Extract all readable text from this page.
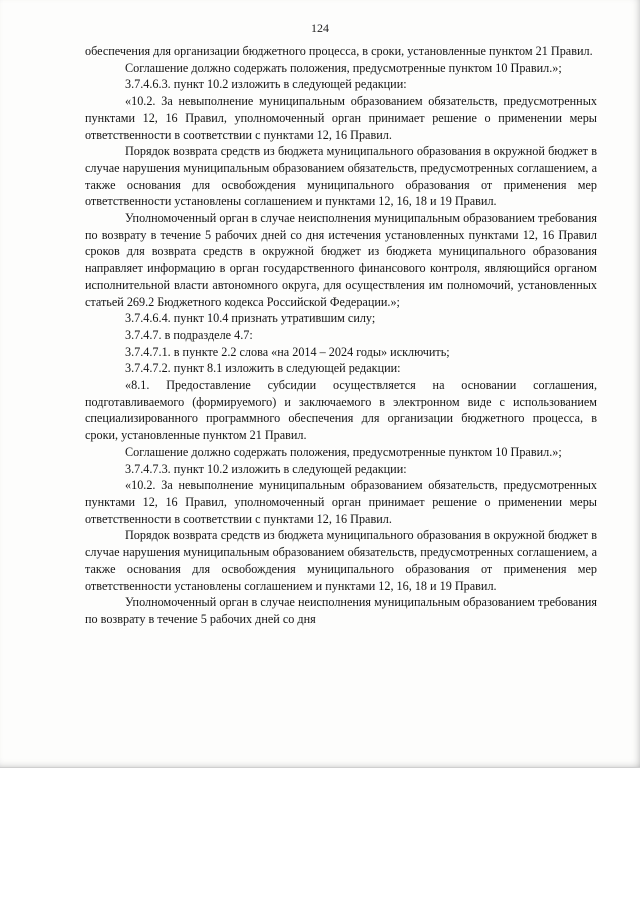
124

обеспечения для организации бюджетного процесса, в сроки, установленные пунктом 21 Правил.

Соглашение должно содержать положения, предусмотренные пунктом 10 Правил.»;

3.7.4.6.3. пункт 10.2 изложить в следующей редакции:

«10.2. За невыполнение муниципальным образованием обязательств, предусмотренных пунктами 12, 16 Правил, уполномоченный орган принимает решение о применении меры ответственности в соответствии с пунктами 12, 16 Правил.

Порядок возврата средств из бюджета муниципального образования в окружной бюджет в случае нарушения муниципальным образованием обязательств, предусмотренных соглашением, а также основания для освобождения муниципального образования от применения мер ответственности установлены соглашением и пунктами 12, 16, 18 и 19 Правил.

Уполномоченный орган в случае неисполнения муниципальным образованием требования по возврату в течение 5 рабочих дней со дня истечения установленных пунктами 12, 16 Правил сроков для возврата средств в окружной бюджет из бюджета муниципального образования направляет информацию в орган государственного финансового контроля, являющийся органом исполнительной власти автономного округа, для осуществления им полномочий, установленных статьей 269.2 Бюджетного кодекса Российской Федерации.»;

3.7.4.6.4. пункт 10.4 признать утратившим силу;

3.7.4.7. в подразделе 4.7:

3.7.4.7.1. в пункте 2.2 слова «на 2014 – 2024 годы» исключить;

3.7.4.7.2. пункт 8.1 изложить в следующей редакции:

«8.1. Предоставление субсидии осуществляется на основании соглашения, подготавливаемого (формируемого) и заключаемого в электронном виде с использованием специализированного программного обеспечения для организации бюджетного процесса, в сроки, установленные пунктом 21 Правил.

Соглашение должно содержать положения, предусмотренные пунктом 10 Правил.»;

3.7.4.7.3. пункт 10.2 изложить в следующей редакции:

«10.2. За невыполнение муниципальным образованием обязательств, предусмотренных пунктами 12, 16 Правил, уполномоченный орган принимает решение о применении меры ответственности в соответствии с пунктами 12, 16 Правил.

Порядок возврата средств из бюджета муниципального образования в окружной бюджет в случае нарушения муниципальным образованием обязательств, предусмотренных соглашением, а также основания для освобождения муниципального образования от применения мер ответственности установлены соглашением и пунктами 12, 16, 18 и 19 Правил.

Уполномоченный орган в случае неисполнения муниципальным образованием требования по возврату в течение 5 рабочих дней со дня
